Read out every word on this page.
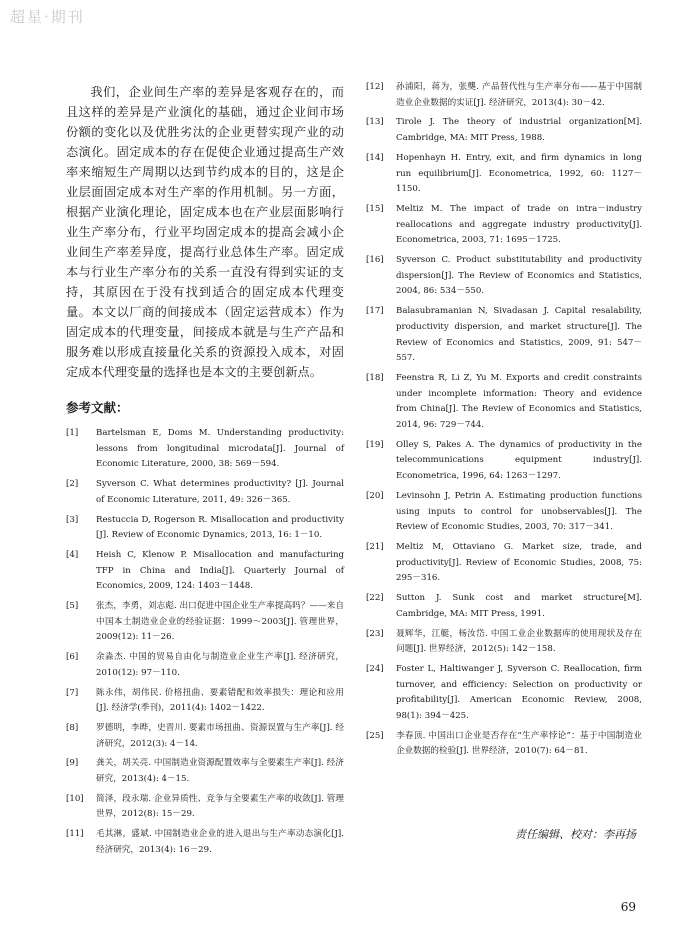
超星·期刊

我们，企业间生产率的差异是客观存在的，而且这样的差异是产业演化的基础，通过企业间市场份额的变化以及优胜劣汰的企业更替实现产业的动态演化。固定成本的存在促使企业通过提高生产效率来缩短生产周期以达到节约成本的目的，这是企业层面固定成本对生产率的作用机制。另一方面，根据产业演化理论，固定成本也在产业层面影响行业生产率分布，行业平均固定成本的提高会减小企业间生产率差异度，提高行业总体生产率。固定成本与行业生产率分布的关系一直没有得到实证的支持，其原因在于没有找到适合的固定成本代理变量。本文以厂商的间接成本（固定运营成本）作为固定成本的代理变量，间接成本就是与生产产品和服务难以形成直接量化关系的资源投入成本，对固定成本代理变量的选择也是本文的主要创新点。

参考文献：
[1]	Bartelsman E, Doms M. Understanding productivity: lessons from longitudinal microdata[J]. Journal of Economic Literature, 2000, 38: 569－594.
[2]	Syverson C. What determines productivity? [J]. Journal of Economic Literature, 2011, 49: 326－365.
[3]	Restuccia D, Rogerson R. Misallocation and productivity [J]. Review of Economic Dynamics, 2013, 16: 1－10.
[4]	Heish C, Klenow P. Misallocation and manufacturing TFP in China and India[J]. Quarterly Journal of Economics, 2009, 124: 1403－1448.
[5]	张杰，李勇，刘志彪. 出口促进中国企业生产率提高吗？——来自中国本土制造业企业的经验证据：1999～2003[J]. 管理世界，2009(12): 11－26.
[6]	余淼杰. 中国的贸易自由化与制造业企业生产率[J]. 经济研究，2010(12): 97－110.
[7]	陈永伟，胡伟民. 价格扭曲、要素错配和效率损失：理论和应用[J]. 经济学(季刊)，2011(4): 1402－1422.
[8]	罗德明，李晔，史晋川. 要素市场扭曲、资源误置与生产率[J]. 经济研究，2012(3): 4－14.
[9]	龚关，胡关亮. 中国制造业资源配置效率与全要素生产率[J]. 经济研究，2013(4): 4－15.
[10]	简泽，段永瑞. 企业异质性、竞争与全要素生产率的收敛[J]. 管理世界，2012(8): 15－29.
[11]	毛其淋，盛斌. 中国制造业企业的进入退出与生产率动态演化[J]. 经济研究，2013(4): 16－29.
[12]	孙浦阳，蒋为，张龑. 产品替代性与生产率分布——基于中国制造业企业数据的实证[J]. 经济研究，2013(4): 30－42.
[13]	Tirole J. The theory of industrial organization[M]. Cambridge, MA: MIT Press, 1988.
[14]	Hopenhayn H. Entry, exit, and firm dynamics in long run equilibrium[J]. Econometrica, 1992, 60: 1127－1150.
[15]	Meltiz M. The impact of trade on intra－industry reallocations and aggregate industry productivity[J]. Econometrica, 2003, 71: 1695－1725.
[16]	Syverson C. Product substitutability and productivity dispersion[J]. The Review of Economics and Statistics, 2004, 86: 534－550.
[17]	Balasubramanian N, Sivadasan J. Capital resalability, productivity dispersion, and market structure[J]. The Review of Economics and Statistics, 2009, 91: 547－557.
[18]	Feenstra R, Li Z, Yu M. Exports and credit constraints under incomplete information: Theory and evidence from China[J]. The Review of Economics and Statistics, 2014, 96: 729－744.
[19]	Olley S, Pakes A. The dynamics of productivity in the telecommunications equipment industry[J]. Econometrica, 1996, 64: 1263－1297.
[20]	Levinsohn J, Petrin A. Estimating production functions using inputs to control for unobservables[J]. The Review of Economic Studies, 2003, 70: 317－341.
[21]	Meltiz M, Ottaviano G. Market size, trade, and productivity[J]. Review of Economic Studies, 2008, 75: 295－316.
[22]	Sutton J. Sunk cost and market structure[M]. Cambridge, MA: MIT Press, 1991.
[23]	聂辉华，江艇，杨汝岱. 中国工业企业数据库的使用现状及存在问题[J]. 世界经济，2012(5): 142－158.
[24]	Foster L, Haltiwanger J, Syverson C. Reallocation, firm turnover, and efficiency: Selection on productivity or profitability[J]. American Economic Review, 2008, 98(1): 394－425.
[25]	李春顶. 中国出口企业是否存在“生产率悖论”：基于中国制造业企业数据的检验[J]. 世界经济，2010(7): 64－81.
责任编辑、校对：李再扬
69
